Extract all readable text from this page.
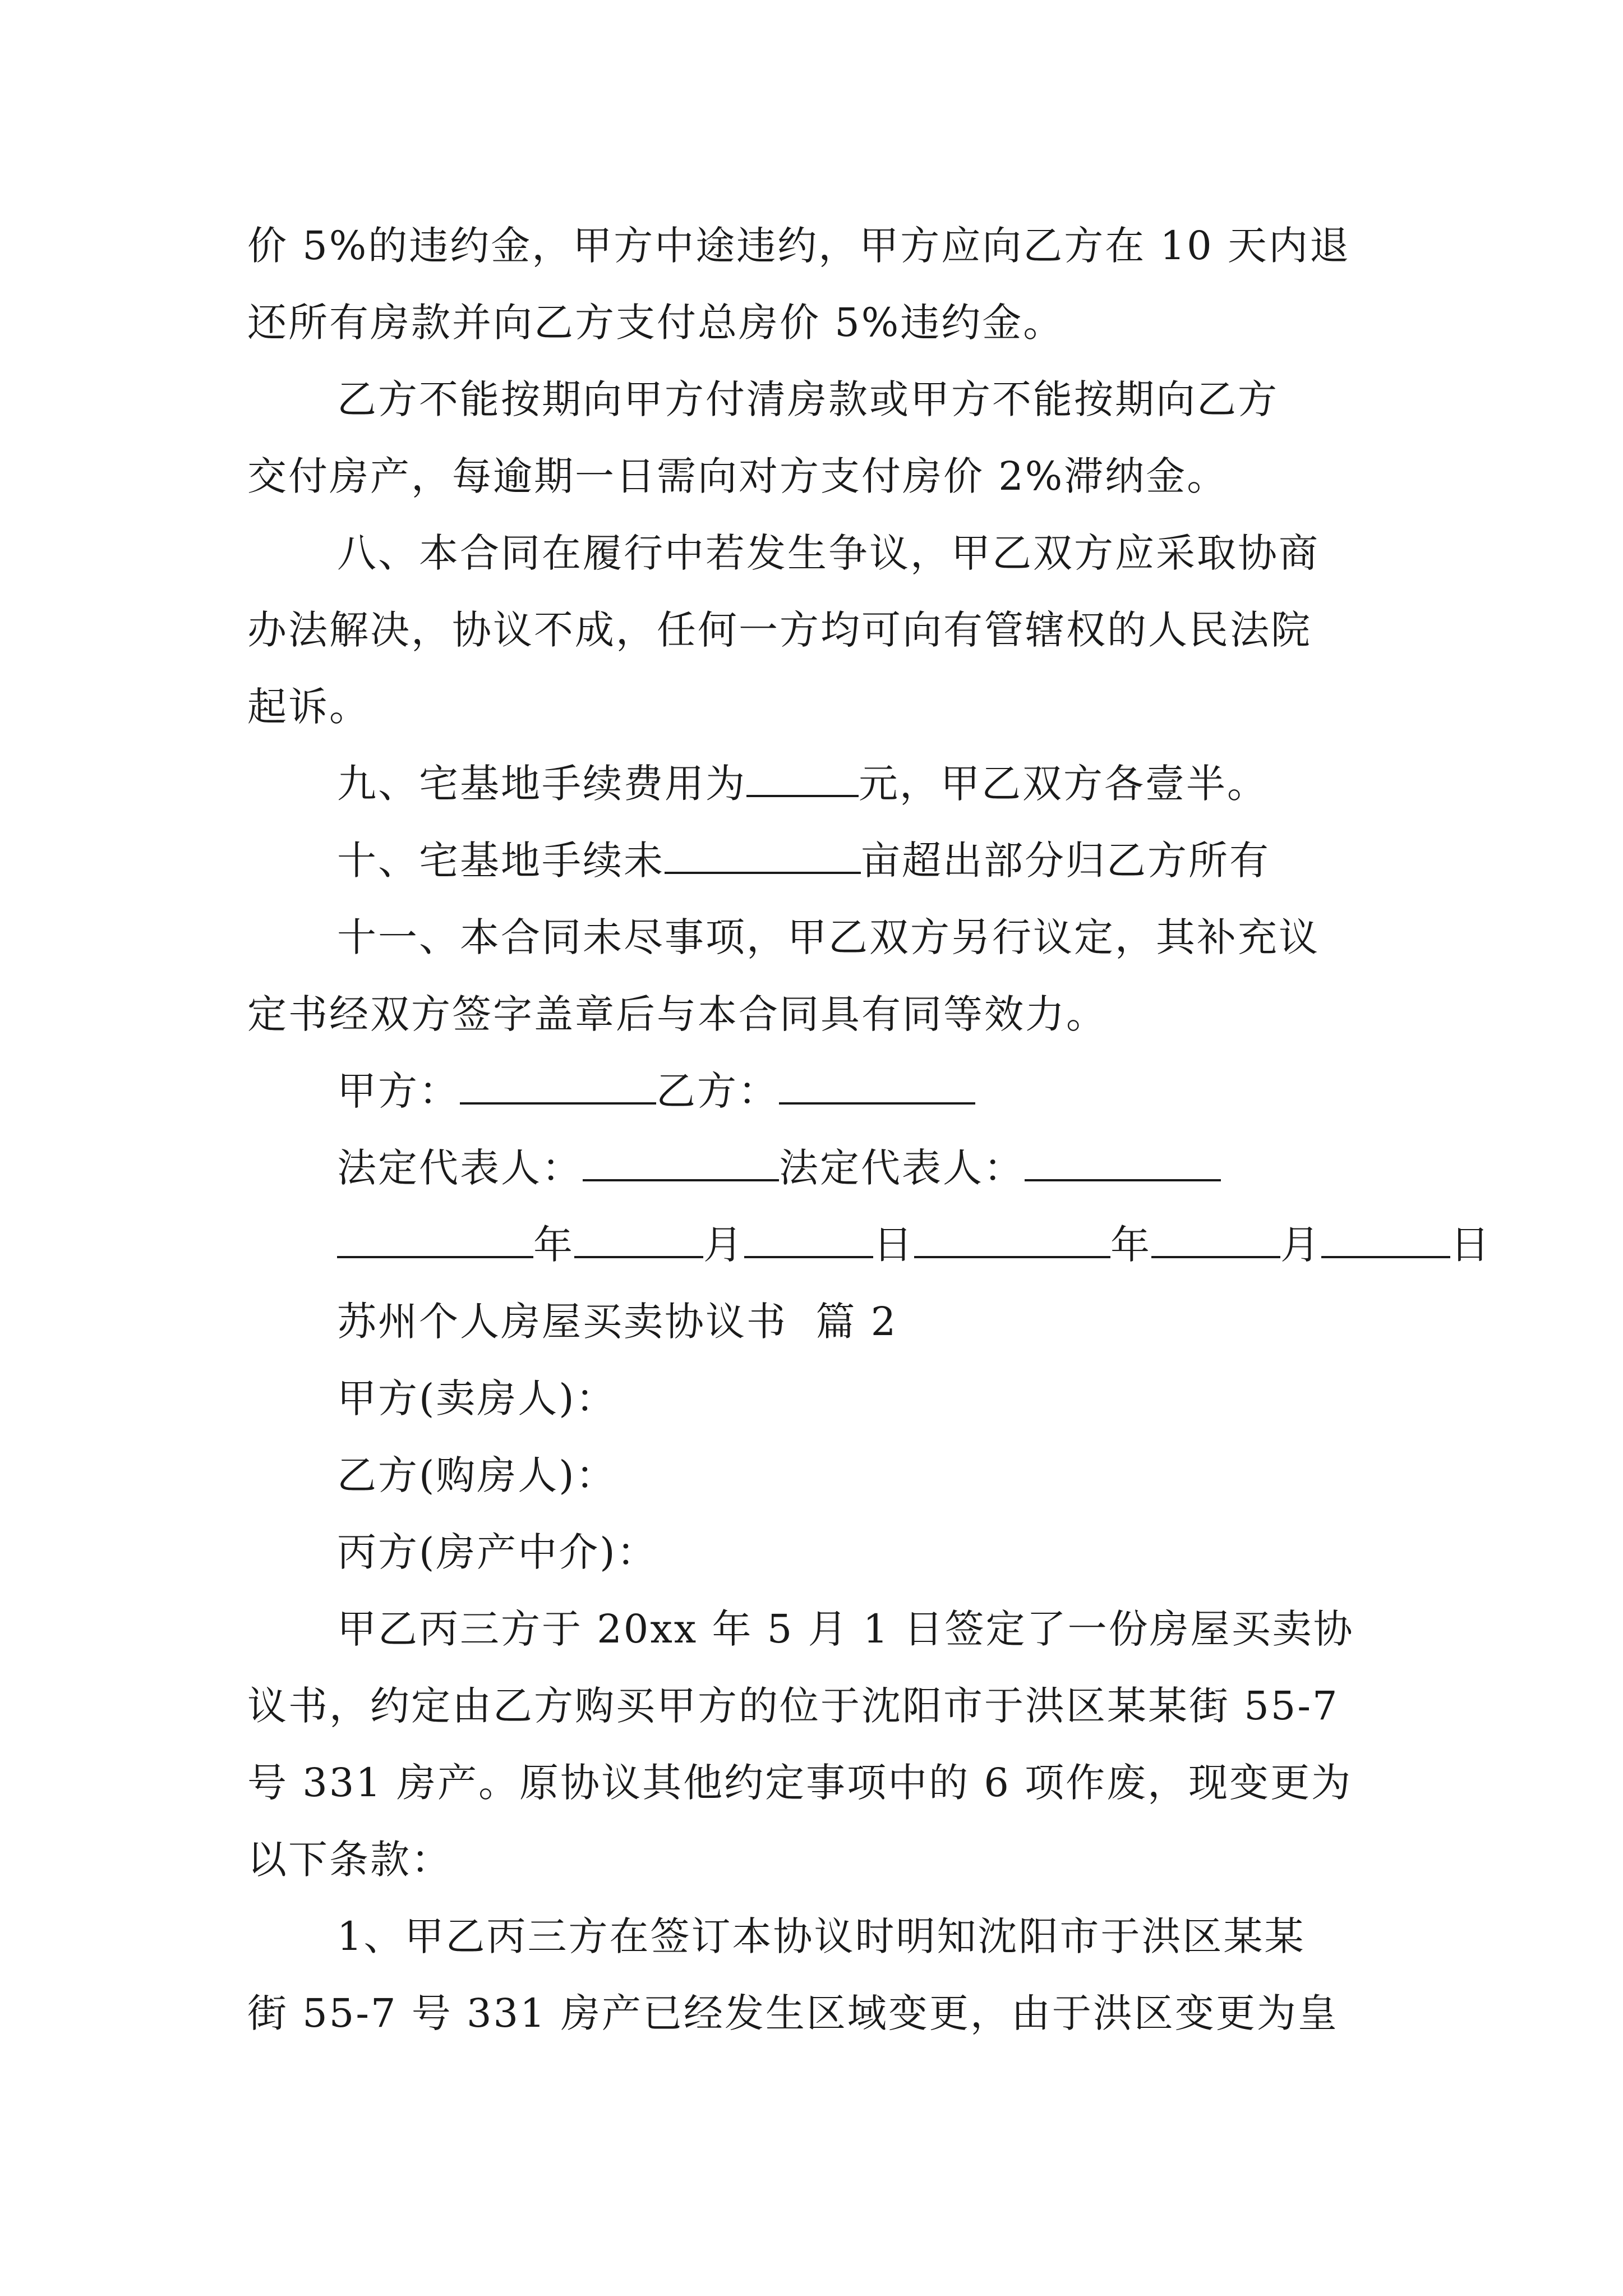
价 5%的违约金，甲方中途违约，甲方应向乙方在 10 天内退
还所有房款并向乙方支付总房价 5%违约金。
乙方不能按期向甲方付清房款或甲方不能按期向乙方
交付房产，每逾期一日需向对方支付房价 2%滞纳金。
八、本合同在履行中若发生争议，甲乙双方应采取协商
办法解决，协议不成，任何一方均可向有管辖权的人民法院
起诉。
九、宅基地手续费用为	元，甲乙双方各壹半。
十、宅基地手续未	亩超出部分归乙方所有
十一、本合同未尽事项，甲乙双方另行议定，其补充议
定书经双方签字盖章后与本合同具有同等效力。
甲方：	乙方：
法定代表人：	法定代表人：
年	月	日	年	月	日
苏州个人房屋买卖协议书  篇 2
甲方(卖房人)：
乙方(购房人)：
丙方(房产中介)：
甲乙丙三方于 20xx 年 5 月 1 日签定了一份房屋买卖协
议书，约定由乙方购买甲方的位于沈阳市于洪区某某街 55-7
号 331 房产。原协议其他约定事项中的 6 项作废，现变更为
以下条款：
1、甲乙丙三方在签订本协议时明知沈阳市于洪区某某
街 55-7 号 331 房产已经发生区域变更，由于洪区变更为皇
